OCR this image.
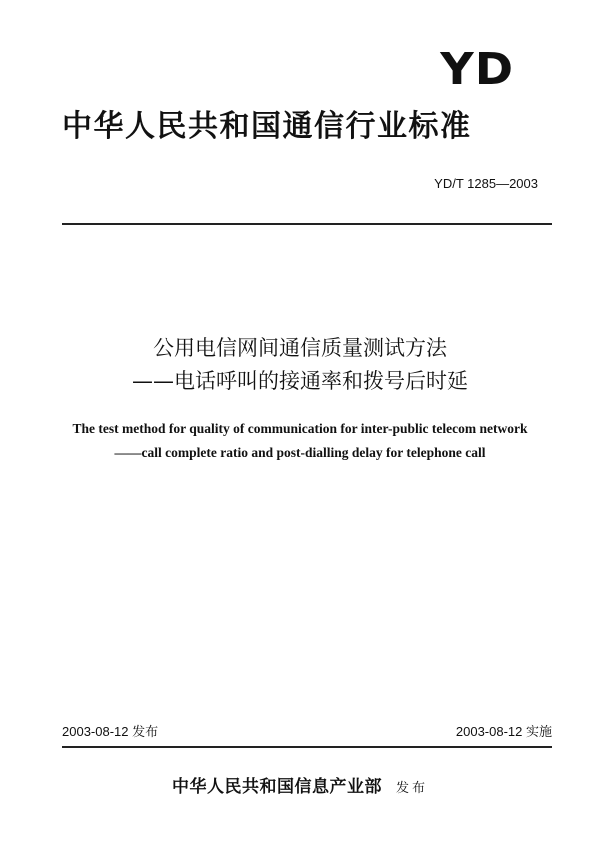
YD
中华人民共和国通信行业标准
YD/T 1285—2003
公用电信网间通信质量测试方法
——电话呼叫的接通率和拨号后时延
The test method for quality of communication for inter-public telecom network
——call complete ratio and post-dialling delay for telephone call
2003-08-12 发布	2003-08-12 实施
中华人民共和国信息产业部 发布
